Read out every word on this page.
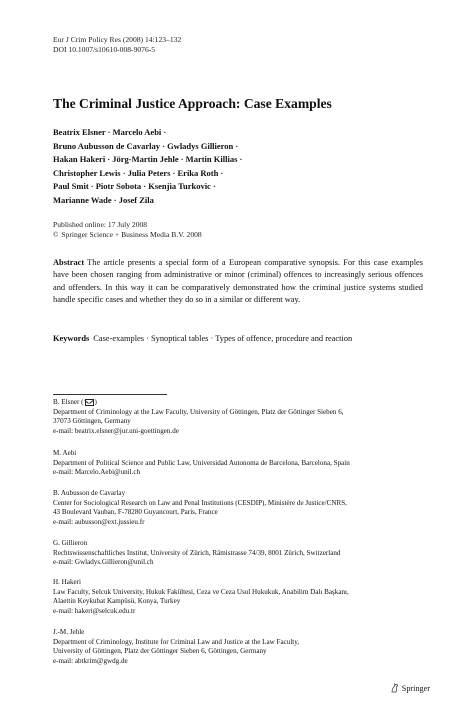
Eur J Crim Policy Res (2008) 14:123–132
DOI 10.1007/s10610-008-9076-5
The Criminal Justice Approach: Case Examples
Beatrix Elsner · Marcelo Aebi ·
Bruno Aubusson de Cavarlay · Gwladys Gillieron ·
Hakan Hakeri · Jörg-Martin Jehle · Martin Killias ·
Christopher Lewis · Julia Peters · Erika Roth ·
Paul Smit · Piotr Sobota · Ksenjia Turkovic ·
Marianne Wade · Josef Zila
Published online: 17 July 2008
© Springer Science + Business Media B.V. 2008
Abstract The article presents a special form of a European comparative synopsis. For this case examples have been chosen ranging from administrative or minor (criminal) offences to increasingly serious offences and offenders. In this way it can be comparatively demonstrated how the criminal justice systems studied handle specific cases and whether they do so in a similar or different way.
Keywords Case-examples · Synoptical tables · Types of offence, procedure and reaction
B. Elsner ( )
Department of Criminology at the Law Faculty, University of Göttingen, Platz der Göttinger Sieben 6,
37073 Göttingen, Germany
e-mail: beatrix.elsner@jur.uni-goettingen.de
M. Aebi
Department of Political Science and Public Law, Universidad Autonoma de Barcelona, Barcelona, Spain
e-mail: Marcelo.Aebi@unil.ch
B. Aubusson de Cavarlay
Center for Sociological Research on Law and Penal Institutions (CESDIP), Ministère de Justice/CNRS,
43 Boulevard Vauban, F-78280 Guyancourt, Paris, France
e-mail: aubusson@ext.jussieu.fr
G. Gillieron
Rechtswissenschaftliches Institut, University of Zürich, Rämistrasse 74/39, 8001 Zürich, Switzerland
e-mail: Gwladys.Gillieron@unil.ch
H. Hakeri
Law Faculty, Selcuk University, Hukuk Fakültesi, Ceza ve Ceza Usul Hukukuk, Anabilim Dalı Başkanı,
Alaettin Keykubat Kampüsü, Konya, Turkey
e-mail: hakeri@selcuk.edu.tr
J.-M. Jehle
Department of Criminology, Institute for Criminal Law and Justice at the Law Faculty,
University of Göttingen, Platz der Göttinger Sieben 6, Göttingen, Germany
e-mail: abtkrim@gwdg.de
Springer
